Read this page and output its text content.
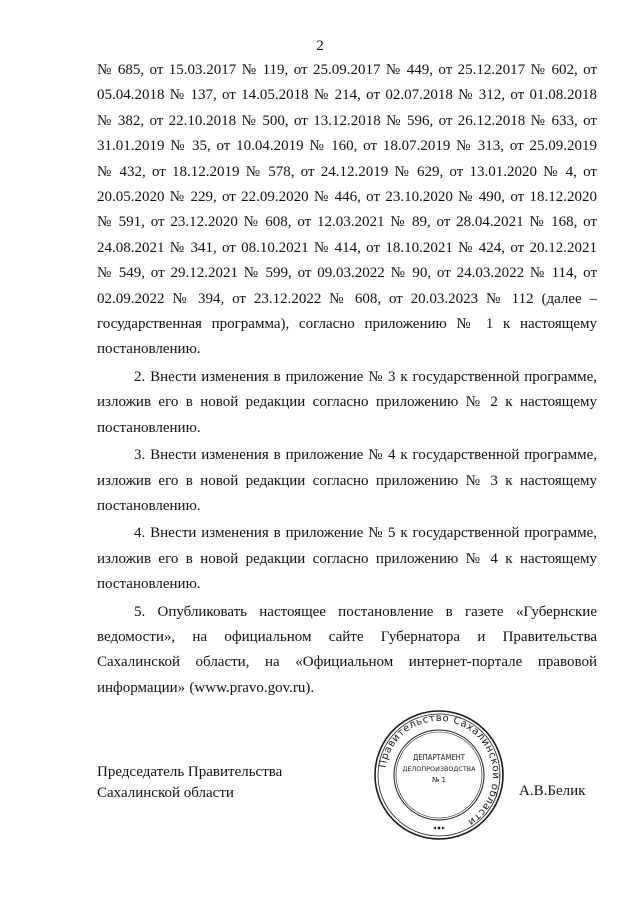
2

№ 685, от 15.03.2017 № 119, от 25.09.2017 № 449, от 25.12.2017 № 602, от
05.04.2018 № 137, от 14.05.2018 № 214, от 02.07.2018 № 312, от 01.08.2018
№ 382, от 22.10.2018 № 500, от 13.12.2018 № 596, от 26.12.2018 № 633, от
31.01.2019 № 35, от 10.04.2019 № 160, от 18.07.2019 № 313, от 25.09.2019
№ 432, от 18.12.2019 № 578, от 24.12.2019 № 629, от 13.01.2020 № 4, от
20.05.2020 № 229, от 22.09.2020 № 446, от 23.10.2020 № 490, от 18.12.2020
№ 591, от 23.12.2020 № 608, от 12.03.2021 № 89, от 28.04.2021 № 168, от
24.08.2021 № 341, от 08.10.2021 № 414, от 18.10.2021 № 424, от 20.12.2021
№ 549, от 29.12.2021 № 599, от 09.03.2022 № 90, от 24.03.2022 № 114, от
02.09.2022 № 394, от 23.12.2022 № 608, от 20.03.2023 № 112 (далее –
государственная программа), согласно приложению № 1 к настоящему
постановлению.

2. Внести изменения в приложение № 3 к государственной программе, изложив его в новой редакции согласно приложению № 2 к настоящему постановлению.

3. Внести изменения в приложение № 4 к государственной программе, изложив его в новой редакции согласно приложению № 3 к настоящему постановлению.

4. Внести изменения в приложение № 5 к государственной программе, изложив его в новой редакции согласно приложению № 4 к настоящему постановлению.

5. Опубликовать настоящее постановление в газете «Губернские ведомости», на официальном сайте Губернатора и Правительства Сахалинской области, на «Официальном интернет-портале правовой информации» (www.pravo.gov.ru).

Председатель Правительства
Сахалинской области	А.В.Белик
Правительство Сахалинской области
ДЕПАРТАМЕНТ
ДЕЛОПРОИЗВОДСТВА
№ 1
